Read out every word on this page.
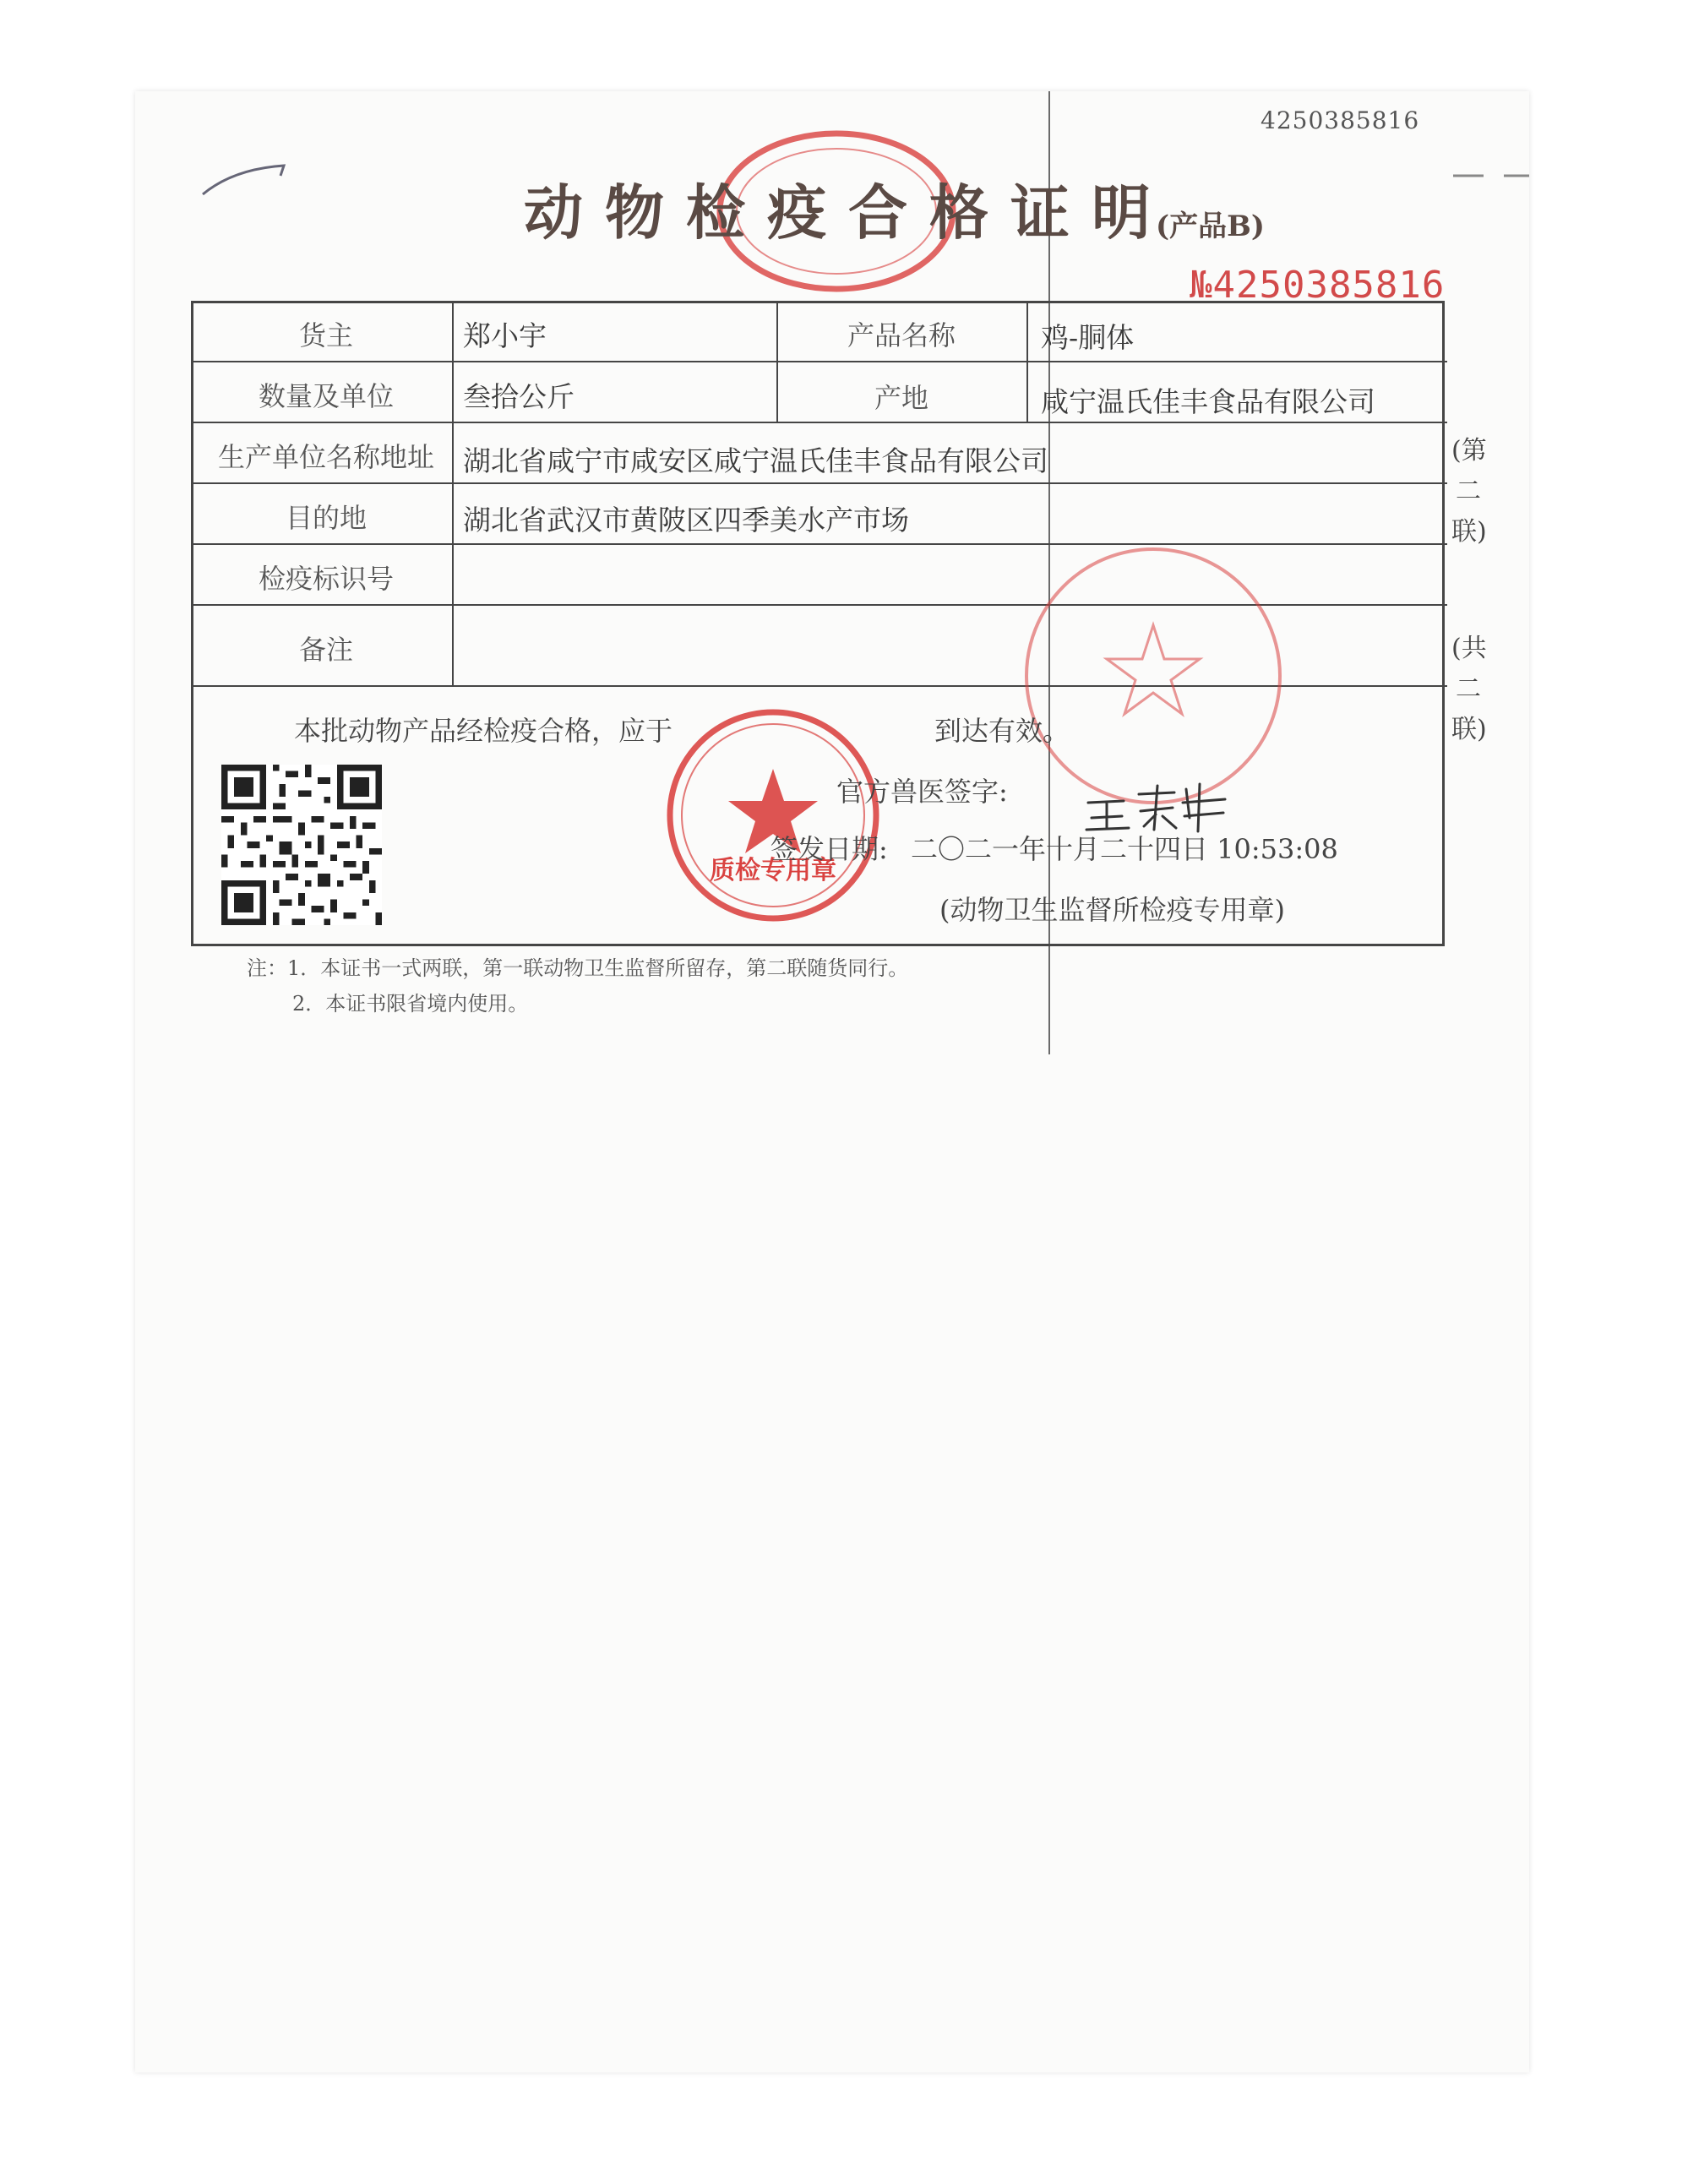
4250385816
动物检疫合格证明
(产品B)
№4250385816
货主	郑小宇	产品名称	鸡-胴体
数量及单位	叁拾公斤	产地	咸宁温氏佳丰食品有限公司
生产单位名称地址	湖北省咸宁市咸安区咸宁温氏佳丰食品有限公司
目的地	湖北省武汉市黄陂区四季美水产市场
检疫标识号
备注
(第二联)
(共二联)
本批动物产品经检疫合格，应于	到达有效。
质检专用章
官方兽医签字:
签发日期: 二〇二一年十月二十四日 10:53:08
(动物卫生监督所检疫专用章)
注：1．本证书一式两联，第一联动物卫生监督所留存，第二联随货同行。
2．本证书限省境内使用。
